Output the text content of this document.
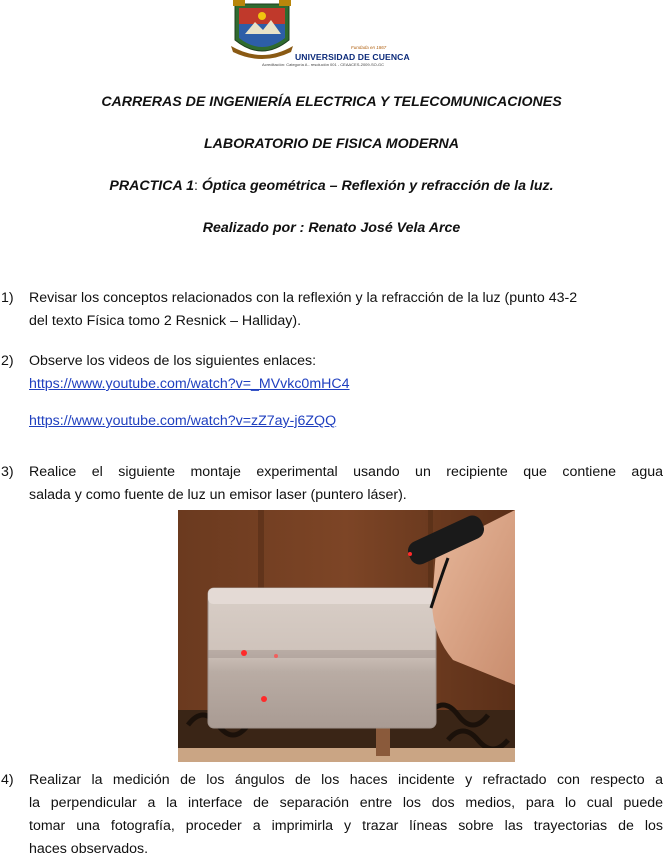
Fundada en 1867
UNIVERSIDAD DE CUENCA
Acreditación: Categoría A - resolución 001 - CEAACES-2009-SO-GC
CARRERAS DE INGENIERÍA ELECTRICA Y TELECOMUNICACIONES
LABORATORIO DE FISICA MODERNA
PRACTICA 1: Óptica geométrica – Reflexión y refracción de la luz.
Realizado por : Renato José Vela Arce
1) Revisar los conceptos relacionados con la reflexión y la refracción de la luz (punto 43-2
del texto Física tomo 2 Resnick – Halliday).
2) Observe los videos de los siguientes enlaces:
https://www.youtube.com/watch?v=_MVvkc0mHC4
https://www.youtube.com/watch?v=zZ7ay-j6ZQQ
3) Realice el siguiente montaje experimental usando un recipiente que contiene agua
salada y como fuente de luz un emisor laser (puntero láser).
4) Realizar la medición de los ángulos de los haces incidente y refractado con respecto a
la perpendicular a la interface de separación entre los dos medios, para lo cual puede
tomar una fotografía, proceder a imprimirla y trazar líneas sobre las trayectorias de los
haces observados.
